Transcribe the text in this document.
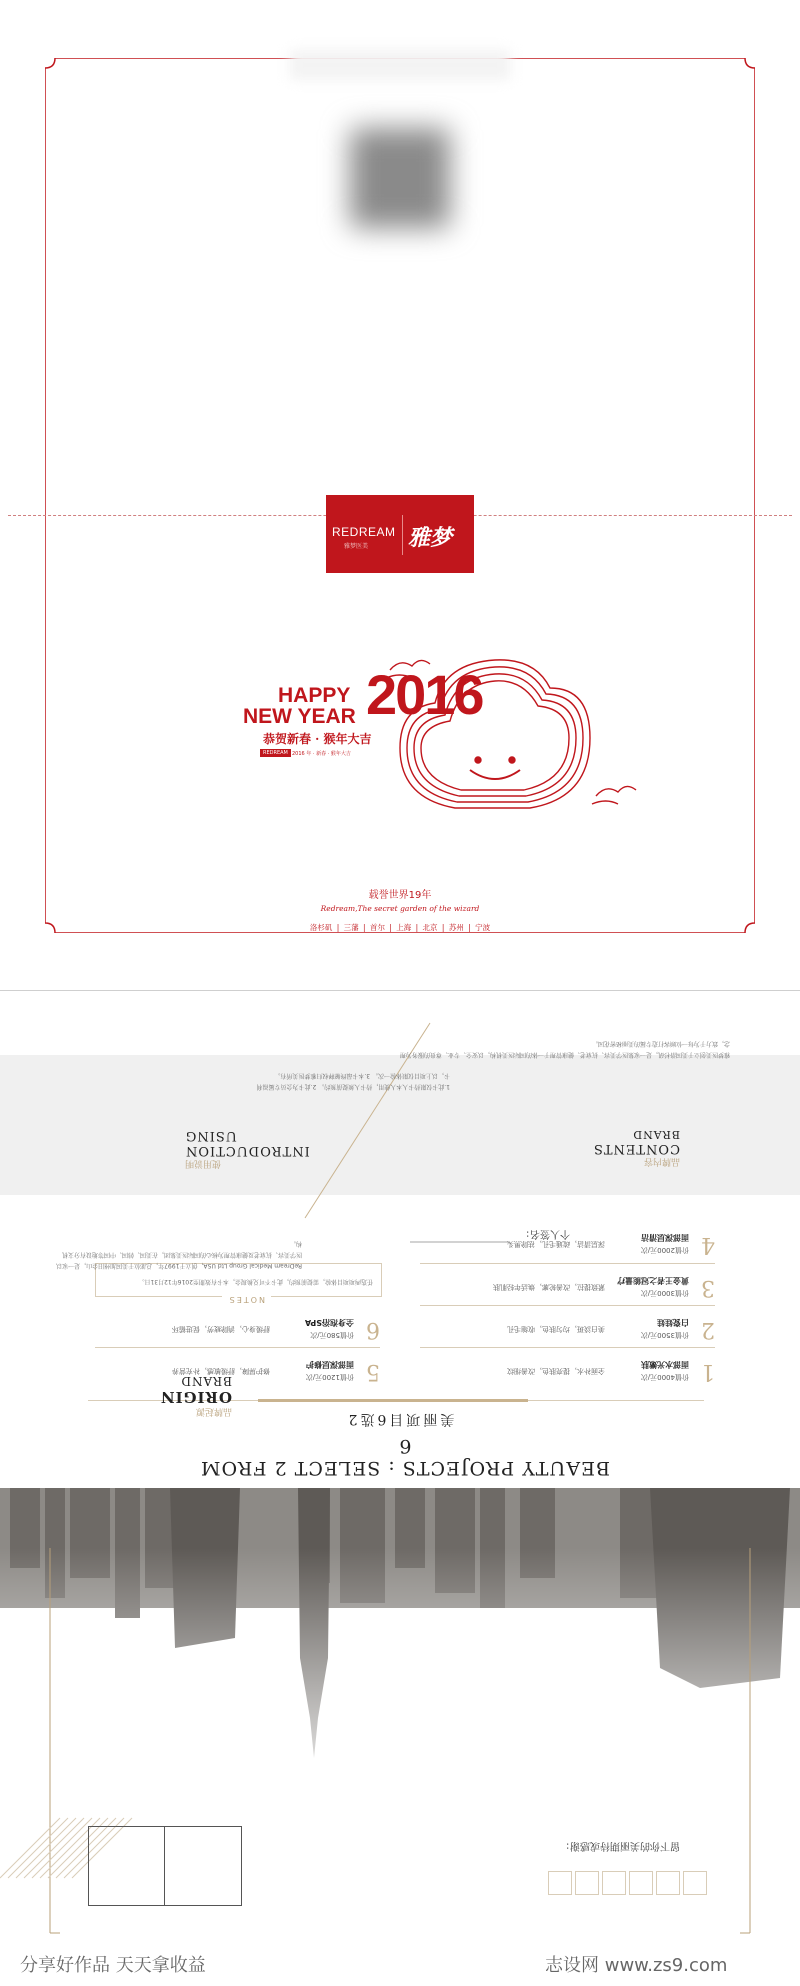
REDREAM
雅梦医美 雅梦
HAPPY
NEW YEAR 2016
恭贺新春 · 猴年大吉
REDREAM 2016 年 · 新春 · 猴年大吉
载誉世界19年
Redream,The secret garden of the wizard
洛杉矶 | 三藩 | 首尔 | 上海 | 北京 | 苏州 | 宁波
使用说明
INTRODUCTION
USING
1.此卡仅限持卡人本人使用，持卡人须提前预约。 2.此卡为会员专属福利卡，以上项目仅限体验一次。 3.本卡最终解释权归雅梦医美所有。
品牌内容
CONTENTS
BRAND
雅梦医美创立于美国洛杉矶，是一家集医学美容、抗衰老、健康管理于一体的国际医美机构，以安全、专业、尊贵的服务为理念，致力于为每一位顾客打造专属的美丽秘密花园。
4
价值2000元/次
面部深层清洁
深层清洁，疏通毛孔，祛除黑头
3
价值3000元/次
黄金王者之冠能量疗
紧致提拉，改善轮廓，焕活年轻肌肤
2
价值3500元/次
白瓷娃娃
美白淡斑，均匀肤色，收缩毛孔
1
价值4000元/次
面部水光嫩肤
全面补水，提亮肤色，改善细纹
NOTES
任选两项项目体验，需提前预约，此卡不可兑换现金，本卡有效期至2016年12月31日。
6
价值580元/次
全身泡浴SPA
舒缓身心，消除疲劳，促进循环
5
价值1200元/次
面部深层修护
修护屏障，舒缓敏感，补充营养
美丽项目6选2
BEAUTY PROJECTS : SELECT 2 FROM 6
品牌起源
ORIGIN
BRAND
ReDream Medical Group Ltd USA，创立于1997年，总部位于美国加州旧金山，是一家以医学美容、抗衰老及健康管理为核心的国际医美集团，在美国、韩国、中国等地设有分支机构。
个人签名：
留下你的美丽期待或感谢：
分享好作品 天天拿收益	志设网 www.zs9.com
